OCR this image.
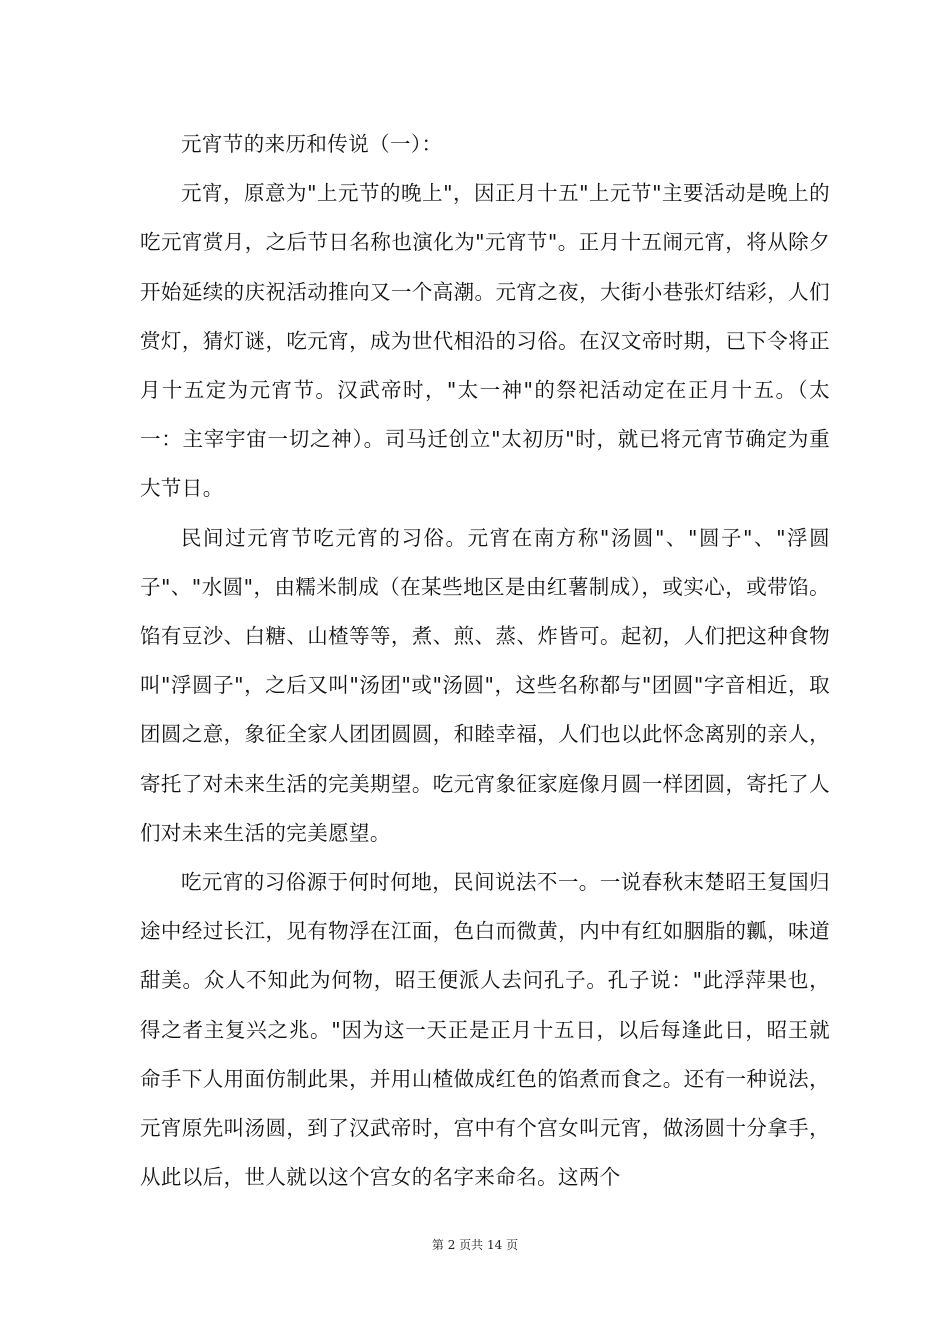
元宵节的来历和传说（一）：

元宵，原意为"上元节的晚上"，因正月十五"上元节"主要活动是晚上的吃元宵赏月，之后节日名称也演化为"元宵节"。正月十五闹元宵，将从除夕开始延续的庆祝活动推向又一个高潮。元宵之夜，大街小巷张灯结彩，人们赏灯，猜灯谜，吃元宵，成为世代相沿的习俗。在汉文帝时期，已下令将正月十五定为元宵节。汉武帝时，"太一神"的祭祀活动定在正月十五。（太一：主宰宇宙一切之神）。司马迁创立"太初历"时，就已将元宵节确定为重大节日。

民间过元宵节吃元宵的习俗。元宵在南方称"汤圆"、"圆子"、"浮圆子"、"水圆"，由糯米制成（在某些地区是由红薯制成），或实心，或带馅。馅有豆沙、白糖、山楂等等，煮、煎、蒸、炸皆可。起初，人们把这种食物叫"浮圆子"，之后又叫"汤团"或"汤圆"，这些名称都与"团圆"字音相近，取团圆之意，象征全家人团团圆圆，和睦幸福，人们也以此怀念离别的亲人，寄托了对未来生活的完美期望。吃元宵象征家庭像月圆一样团圆，寄托了人们对未来生活的完美愿望。

吃元宵的习俗源于何时何地，民间说法不一。一说春秋末楚昭王复国归途中经过长江，见有物浮在江面，色白而微黄，内中有红如胭脂的瓤，味道甜美。众人不知此为何物，昭王便派人去问孔子。孔子说："此浮萍果也，得之者主复兴之兆。"因为这一天正是正月十五日，以后每逢此日，昭王就命手下人用面仿制此果，并用山楂做成红色的馅煮而食之。还有一种说法，元宵原先叫汤圆，到了汉武帝时，宫中有个宫女叫元宵，做汤圆十分拿手，从此以后，世人就以这个宫女的名字来命名。这两个

第 2 页共 14 页
